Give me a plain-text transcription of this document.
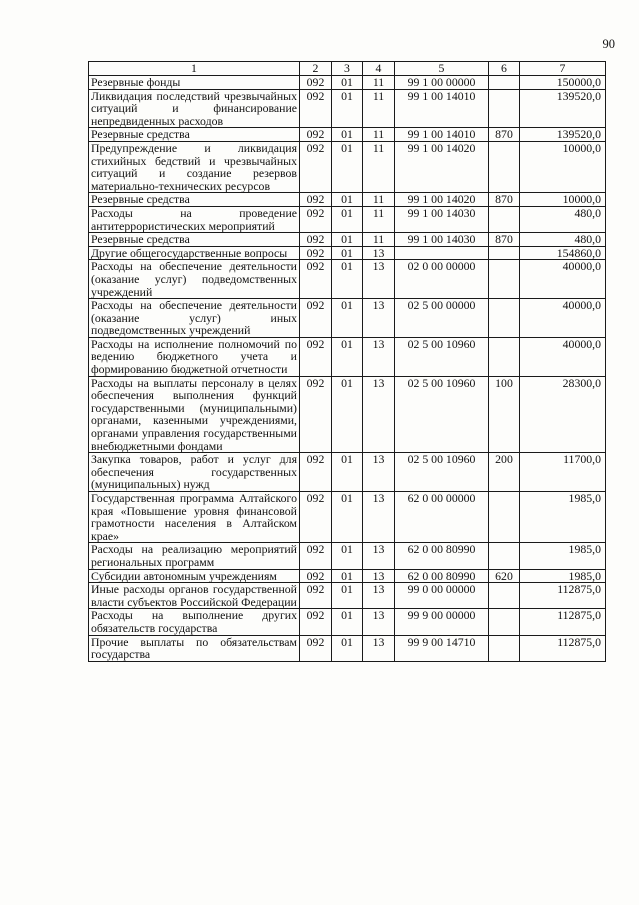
90
1	2	3	4	5	6	7
Резервные фонды	092	01	11	99 1 00 00000		150000,0
Ликвидация последствий чрезвычайных ситуаций и финансирование непредвиденных расходов	092	01	11	99 1 00 14010		139520,0
Резервные средства	092	01	11	99 1 00 14010	870	139520,0
Предупреждение и ликвидация стихийных бедствий и чрезвычайных ситуаций и создание резервов материально-технических ресурсов	092	01	11	99 1 00 14020		10000,0
Резервные средства	092	01	11	99 1 00 14020	870	10000,0
Расходы на проведение антитеррористических мероприятий	092	01	11	99 1 00 14030		480,0
Резервные средства	092	01	11	99 1 00 14030	870	480,0
Другие общегосударственные вопросы	092	01	13			154860,0
Расходы на обеспечение деятельности (оказание услуг) подведомственных учреждений	092	01	13	02 0 00 00000		40000,0
Расходы на обеспечение деятельности (оказание услуг) иных подведомственных учреждений	092	01	13	02 5 00 00000		40000,0
Расходы на исполнение полномочий по ведению бюджетного учета и формированию бюджетной отчетности	092	01	13	02 5 00 10960		40000,0
Расходы на выплаты персоналу в целях обеспечения выполнения функций государственными (муниципальными) органами, казенными учреждениями, органами управления государственными внебюджетными фондами	092	01	13	02 5 00 10960	100	28300,0
Закупка товаров, работ и услуг для обеспечения государственных (муниципальных) нужд	092	01	13	02 5 00 10960	200	11700,0
Государственная программа Алтайского края «Повышение уровня финансовой грамотности населения в Алтайском крае»	092	01	13	62 0 00 00000		1985,0
Расходы на реализацию мероприятий региональных программ	092	01	13	62 0 00 80990		1985,0
Субсидии автономным учреждениям	092	01	13	62 0 00 80990	620	1985,0
Иные расходы органов государственной власти субъектов Российской Федерации	092	01	13	99 0 00 00000		112875,0
Расходы на выполнение других обязательств государства	092	01	13	99 9 00 00000		112875,0
Прочие выплаты по обязательствам государства	092	01	13	99 9 00 14710		112875,0
